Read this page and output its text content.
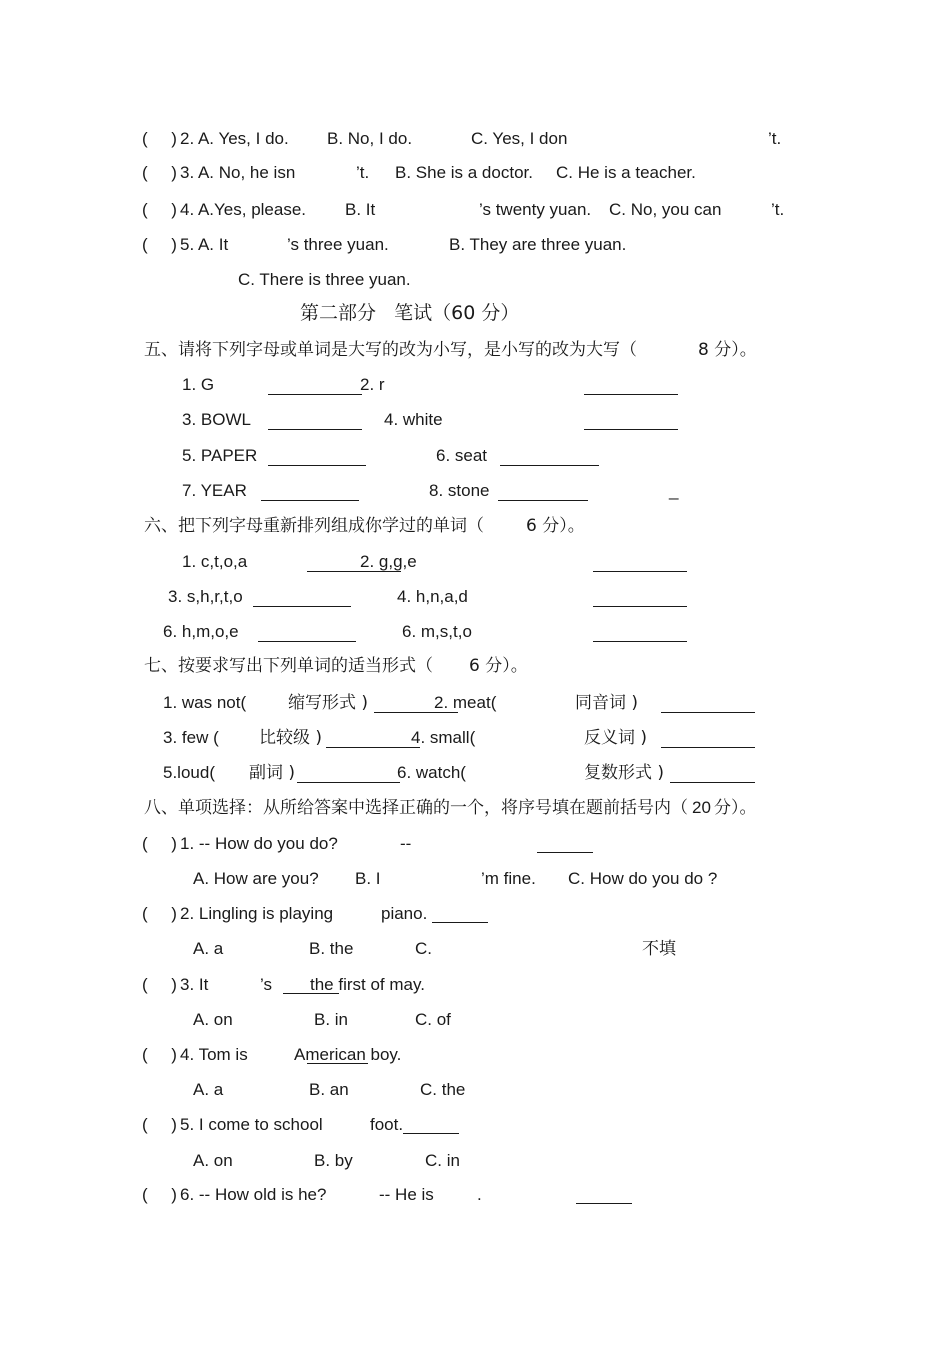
(     ) 2. A. Yes, I do. B. No, I do.	C. Yes, I don	’t.
(     ) 3. A. No, he isn	’t. B. She is a doctor. C. He is a teacher.
(     ) 4. A.Yes, please. B. It	’s twenty yuan. C. No, you can	’t.
(     ) 5. A. It	’s three yuan.	B. They are three yuan.
C. There is three yuan.
第二部分   笔试（60 分）
五、请将下列字母或单词是大写的改为小写，是小写的改为大写（	8 分）。
1. G	2. r
3. BOWL	4. white
5. PAPER	6. seat
7. YEAR	8. stone	_
六、把下列字母重新排列组成你学过的单词（ 6 分）。
1. c,t,o,a	2. g,g,e
3. s,h,r,t,o	4. h,n,a,d
6. h,m,o,e	6. m,s,t,o
七、按要求写出下列单词的适当形式（ 6 分）。
1. was not( 缩写形式 )	2. meat(	同音词 )
3. few ( 比较级 )	4. small(	反义词 )
5.loud( 副词 )	6. watch(	复数形式 )
八、单项选择：从所给答案中选择正确的一个，将序号填在题前括号内（ 20 分）。
(     ) 1. -- How do you do?	--
A. How are you? B. I	’m fine. C. How do you do ?
(     ) 2. Lingling is playing	piano.
A. a	B. the	C.	不填
(     ) 3. It	’s the first of may.
A. on	B. in	C. of
(     ) 4. Tom is	American boy.
A. a	B. an	C. the
(     ) 5. I come to school	foot.
A. on	B. by	C. in
(     ) 6. -- How old is he?	-- He is	.
